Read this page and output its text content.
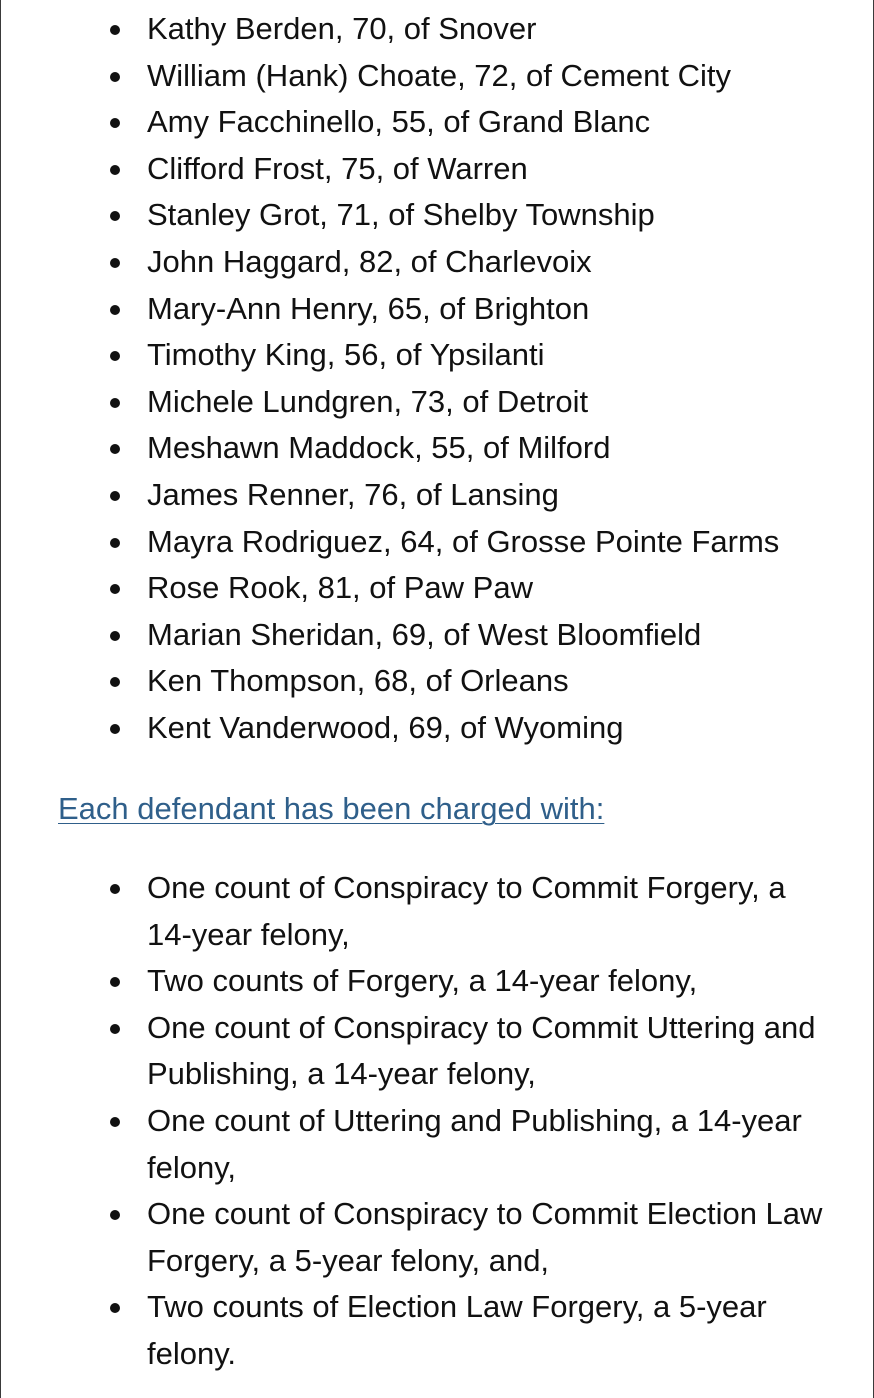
Kathy Berden, 70, of Snover
William (Hank) Choate, 72, of Cement City
Amy Facchinello, 55, of Grand Blanc
Clifford Frost, 75, of Warren
Stanley Grot, 71, of Shelby Township
John Haggard, 82, of Charlevoix
Mary-Ann Henry, 65, of Brighton
Timothy King, 56, of Ypsilanti
Michele Lundgren, 73, of Detroit
Meshawn Maddock, 55, of Milford
James Renner, 76, of Lansing
Mayra Rodriguez, 64, of Grosse Pointe Farms
Rose Rook, 81, of Paw Paw
Marian Sheridan, 69, of West Bloomfield
Ken Thompson, 68, of Orleans
Kent Vanderwood, 69, of Wyoming
Each defendant has been charged with:
One count of Conspiracy to Commit Forgery, a 14-year felony,
Two counts of Forgery, a 14-year felony,
One count of Conspiracy to Commit Uttering and Publishing, a 14-year felony,
One count of Uttering and Publishing, a 14-year felony,
One count of Conspiracy to Commit Election Law Forgery, a 5-year felony, and,
Two counts of Election Law Forgery, a 5-year felony.
